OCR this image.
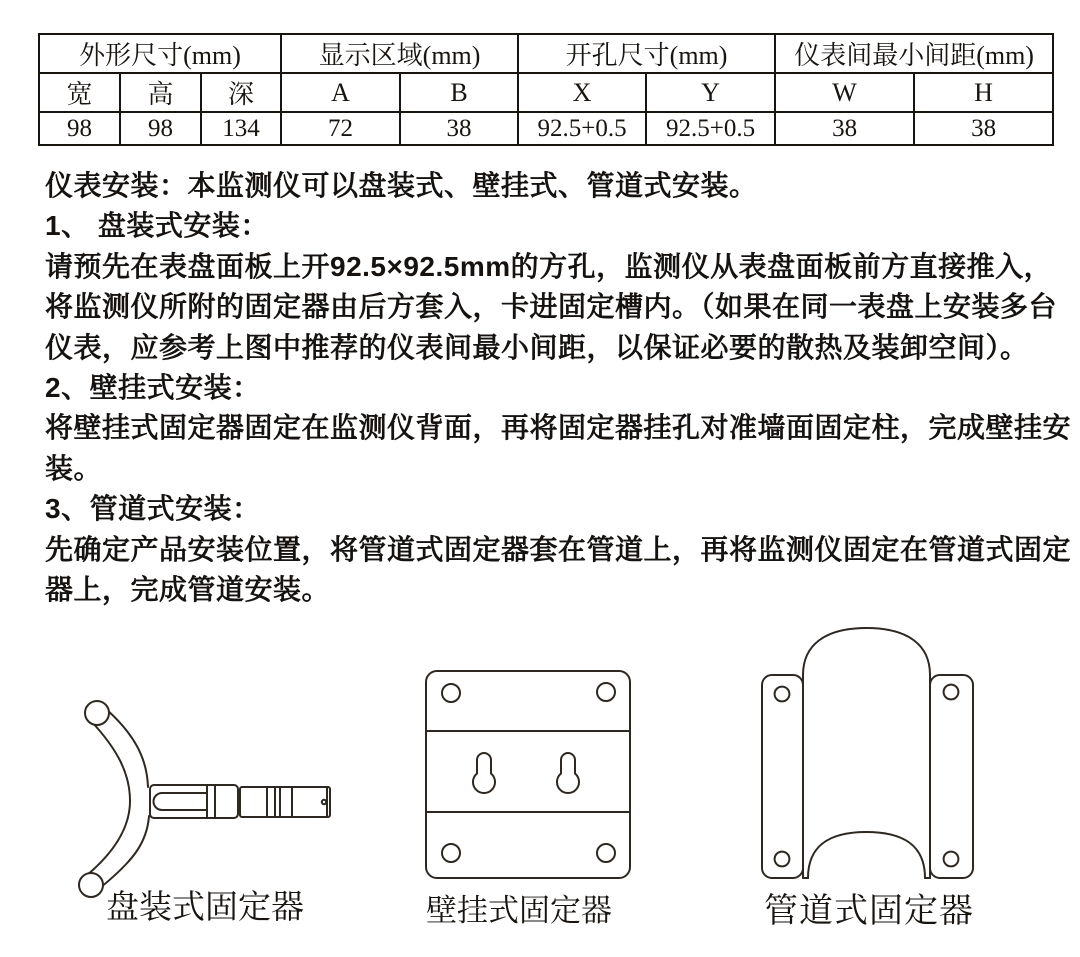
外形尺寸(mm)			显示区域(mm)		开孔尺寸(mm)		仪表间最小间距(mm)	
宽	高	深	A	B	X	Y	W	H
98	98	134	72	38	92.5+0.5	92.5+0.5	38	38
仪表安装：本监测仪可以盘装式、壁挂式、管道式安装。
1、 盘装式安装：
请预先在表盘面板上开92.5×92.5mm的方孔，监测仪从表盘面板前方直接推入，
将监测仪所附的固定器由后方套入，卡进固定槽内。（如果在同一表盘上安装多台
仪表，应参考上图中推荐的仪表间最小间距，以保证必要的散热及装卸空间）。
2、壁挂式安装：
将壁挂式固定器固定在监测仪背面，再将固定器挂孔对准墙面固定柱，完成壁挂安
装。
3、管道式安装：
先确定产品安装位置，将管道式固定器套在管道上，再将监测仪固定在管道式固定
器上，完成管道安装。
盘装式固定器	壁挂式固定器	管道式固定器
